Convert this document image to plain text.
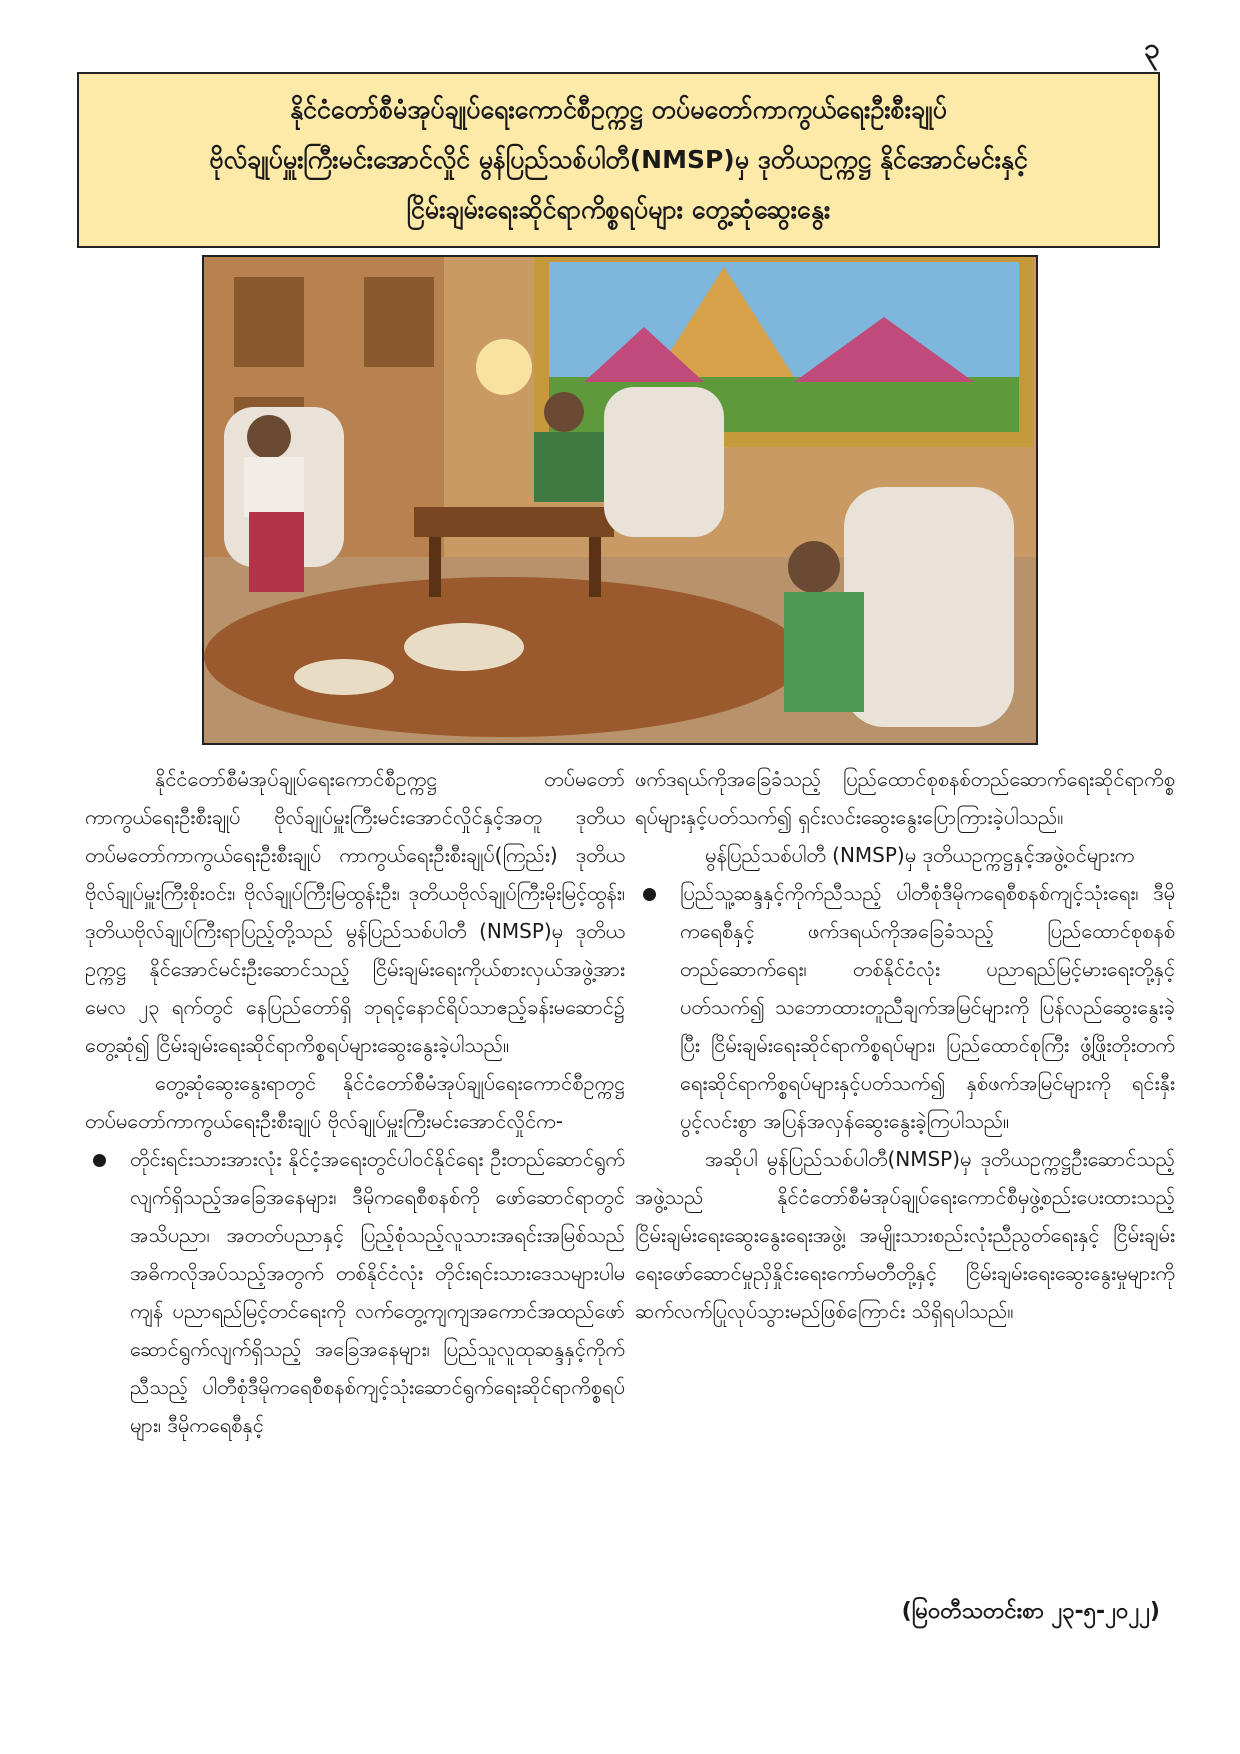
၃
နိုင်ငံတော်စီမံအုပ်ချုပ်ရေးကောင်စီဥက္ကဋ္ဌ တပ်မတော်ကာကွယ်ရေးဦးစီးချုပ်
ဗိုလ်ချုပ်မှူးကြီးမင်းအောင်လှိုင် မွန်ပြည်သစ်ပါတီ(NMSP)မှ ဒုတိယဥက္ကဋ္ဌ နိုင်အောင်မင်းနှင့်
ငြိမ်းချမ်းရေးဆိုင်ရာကိစ္စရပ်များ တွေ့ဆုံဆွေးနွေး

နိုင်ငံတော်စီမံအုပ်ချုပ်ရေးကောင်စီဥက္ကဋ္ဌ တပ်မတော်ကာကွယ်ရေးဦးစီးချုပ် ဗိုလ်ချုပ်မှူးကြီးမင်းအောင်လှိုင်နှင့်အတူ ဒုတိယတပ်မတော်ကာကွယ်ရေးဦးစီးချုပ် ကာကွယ်ရေးဦးစီးချုပ်(ကြည်း) ဒုတိယဗိုလ်ချုပ်မှူးကြီးစိုးဝင်း၊ ဗိုလ်ချုပ်ကြီးမြထွန်းဦး၊ ဒုတိယဗိုလ်ချုပ်ကြီးမိုးမြင့်ထွန်း၊ ဒုတိယဗိုလ်ချုပ်ကြီးရာပြည့်တို့သည် မွန်ပြည်သစ်ပါတီ (NMSP)မှ ဒုတိယဥက္ကဋ္ဌ နိုင်အောင်မင်းဦးဆောင်သည့် ငြိမ်းချမ်းရေးကိုယ်စားလှယ်အဖွဲ့အား မေလ ၂၃ ရက်တွင် နေပြည်တော်ရှိ ဘုရင့်နောင်ရိပ်သာဧည့်ခန်းမဆောင်၌ တွေ့ဆုံ၍ ငြိမ်းချမ်းရေးဆိုင်ရာကိစ္စရပ်များဆွေးနွေးခဲ့ပါသည်။

တွေ့ဆုံဆွေးနွေးရာတွင် နိုင်ငံတော်စီမံအုပ်ချုပ်ရေးကောင်စီဥက္ကဋ္ဌ တပ်မတော်ကာကွယ်ရေးဦးစီးချုပ် ဗိုလ်ချုပ်မှူးကြီးမင်းအောင်လှိုင်က-

တိုင်းရင်းသားအားလုံး နိုင်ငံ့အရေးတွင်ပါဝင်နိုင်ရေး ဦးတည်ဆောင်ရွက်လျက်ရှိသည့်အခြေအနေများ၊ ဒီမိုကရေစီစနစ်ကို ဖော်ဆောင်ရာတွင် အသိပညာ၊ အတတ်ပညာနှင့် ပြည့်စုံသည့်လူသားအရင်းအမြစ်သည် အဓိကလိုအပ်သည့်အတွက် တစ်နိုင်ငံလုံး တိုင်းရင်းသားဒေသများပါမကျန် ပညာရည်မြင့်တင်ရေးကို လက်တွေ့ကျကျအကောင်အထည်ဖော်ဆောင်ရွက်လျက်ရှိသည့် အခြေအနေများ၊ ပြည်သူလူထုဆန္ဒနှင့်ကိုက်ညီသည့် ပါတီစုံဒီမိုကရေစီစနစ်ကျင့်သုံးဆောင်ရွက်ရေးဆိုင်ရာကိစ္စရပ်များ၊ ဒီမိုကရေစီနှင့်

ဖက်ဒရယ်ကိုအခြေခံသည့် ပြည်ထောင်စုစနစ်တည်ဆောက်ရေးဆိုင်ရာကိစ္စရပ်များနှင့်ပတ်သက်၍ ရှင်းလင်းဆွေးနွေးပြောကြားခဲ့ပါသည်။

မွန်ပြည်သစ်ပါတီ (NMSP)မှ ဒုတိယဥက္ကဋ္ဌနှင့်အဖွဲ့ဝင်များက

ပြည်သူ့ဆန္ဒနှင့်ကိုက်ညီသည့် ပါတီစုံဒီမိုကရေစီစနစ်ကျင့်သုံးရေး၊ ဒီမိုကရေစီနှင့် ဖက်ဒရယ်ကိုအခြေခံသည့် ပြည်ထောင်စုစနစ်တည်ဆောက်ရေး၊ တစ်နိုင်ငံလုံး ပညာရည်မြင့်မားရေးတို့နှင့်ပတ်သက်၍ သဘောထားတူညီချက်အမြင်များကို ပြန်လည်ဆွေးနွေးခဲ့ပြီး ငြိမ်းချမ်းရေးဆိုင်ရာကိစ္စရပ်များ၊ ပြည်ထောင်စုကြီး ဖွံ့ဖြိုးတိုးတက်ရေးဆိုင်ရာကိစ္စရပ်များနှင့်ပတ်သက်၍ နှစ်ဖက်အမြင်များကို ရင်းနှီးပွင့်လင်းစွာ အပြန်အလှန်ဆွေးနွေးခဲ့ကြပါသည်။

အဆိုပါ မွန်ပြည်သစ်ပါတီ(NMSP)မှ ဒုတိယဥက္ကဋ္ဌဦးဆောင်သည့်အဖွဲ့သည် နိုင်ငံတော်စီမံအုပ်ချုပ်ရေးကောင်စီမှဖွဲ့စည်းပေးထားသည့် ငြိမ်းချမ်းရေးဆွေးနွေးရေးအဖွဲ့၊ အမျိုးသားစည်းလုံးညီညွတ်ရေးနှင့် ငြိမ်းချမ်းရေးဖော်ဆောင်မှုညှိနှိုင်းရေးကော်မတီတို့နှင့် ငြိမ်းချမ်းရေးဆွေးနွေးမှုများကို ဆက်လက်ပြုလုပ်သွားမည်ဖြစ်ကြောင်း သိရှိရပါသည်။

(မြဝတီသတင်းစာ ၂၃-၅-၂၀၂၂)
